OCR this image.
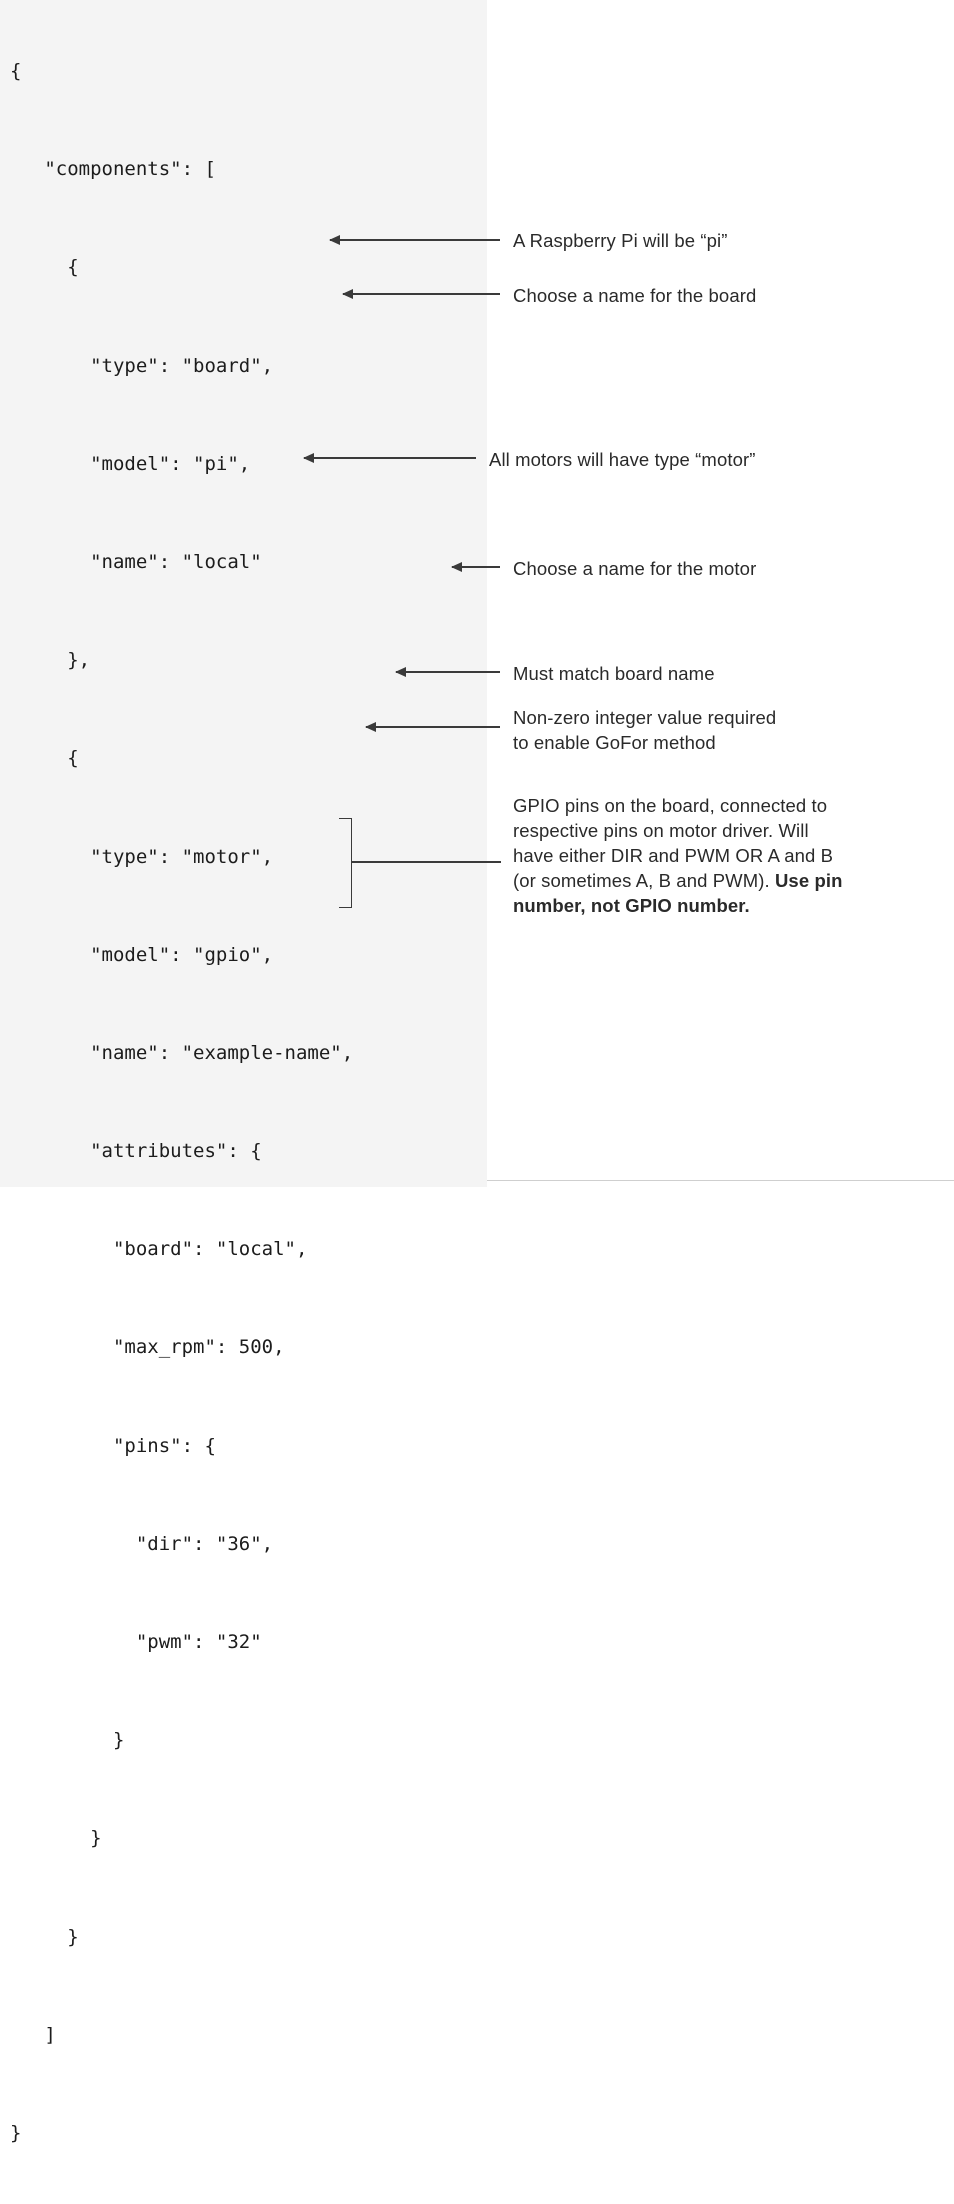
{

"components": [

{

"type": "board",

"model": "pi",

"name": "local"

},

{

"type": "motor",

"model": "gpio",

"name": "example-name",

"attributes": {

"board": "local",

"max_rpm": 500,

"pins": {

"dir": "36",

"pwm": "32"

}

}

}

]

}

A Raspberry Pi will be “pi”
Choose a name for the board
All motors will have type “motor”
Choose a name for the motor
Must match board name
Non-zero integer value required
to enable GoFor method
GPIO pins on the board, connected to
respective pins on motor driver. Will
have either DIR and PWM OR A and B
(or sometimes A, B and PWM). Use pin
number, not GPIO number.
